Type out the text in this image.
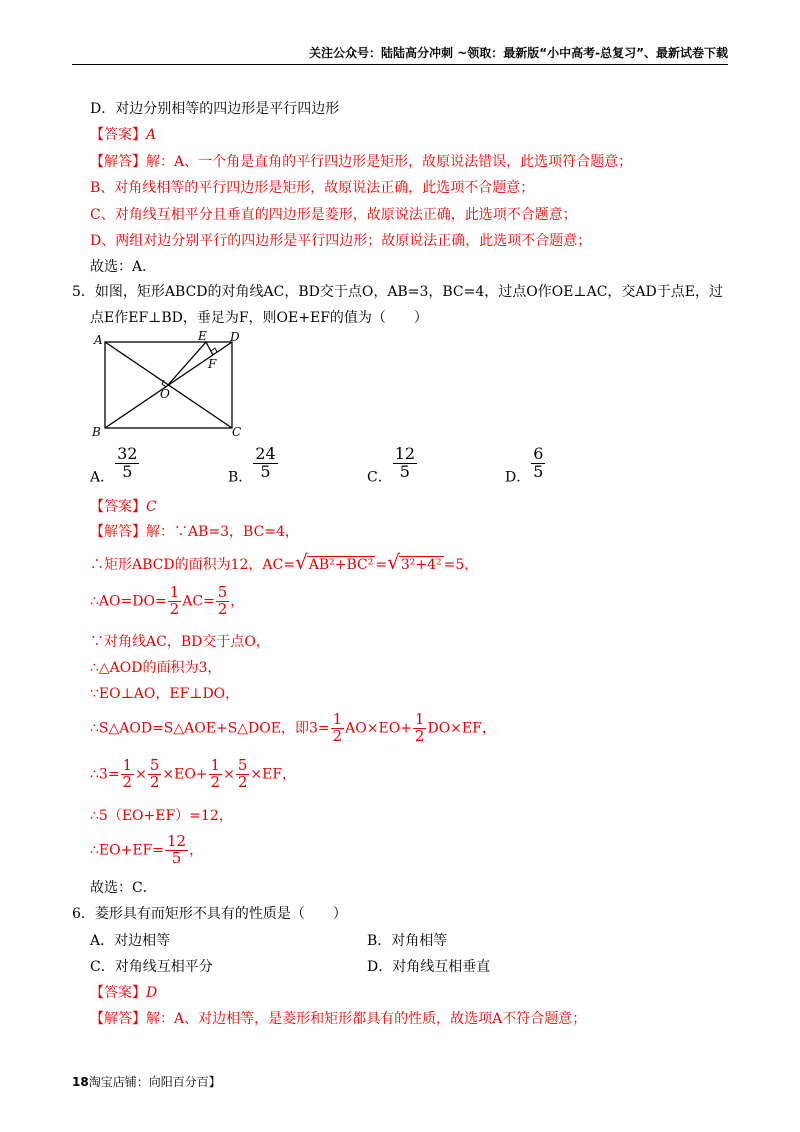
关注公众号：陆陆高分冲刺 ~领取：最新版“小中高考-总复习”、最新试卷下载
D．对边分别相等的四边形是平行四边形
【答案】A
【解答】解：A、一个角是直角的平行四边形是矩形，故原说法错误，此选项符合题意；
B、对角线相等的平行四边形是矩形，故原说法正确，此选项不合题意；
C、对角线互相平分且垂直的四边形是菱形，故原说法正确，此选项不合题意；
D、两组对边分别平行的四边形是平行四边形；故原说法正确，此选项不合题意；
故选：A．
5．如图，矩形ABCD的对角线AC，BD交于点O，AB=3，BC=4，过点O作OE⊥AC，交AD于点E，过
点E作EF⊥BD，垂足为F，则OE+EF的值为（　　）
A
B	C
D
E
F
O
A． $\frac{32}{5}$	B． $\frac{24}{5}$	C． $\frac{12}{5}$	D． $\frac{6}{5}$
【答案】C
【解答】解：∵AB=3，BC=4，
∴矩形ABCD的面积为12，AC=√AB²+BC² =√3²+4² =5，
∴AO=DO= $\frac{1}{2} AC= \frac{5}{2}$ ，
∵对角线AC，BD交于点O，
∴△AOD的面积为3，
∵EO⊥AO，EF⊥DO，
∴S△AOD=S△AOE+S△DOE，即$3= \frac{1}{2} AO\times EO+ \frac{1}{2} DO\times EF$，
∴3= $\frac{1}{2} \times \frac{5}{2} \times EO+ \frac{1}{2} \times \frac{5}{2} \times EF$，
∴5（EO+EF）=12，
∴EO+EF= $\frac{12}{5}$ ，
故选：C．
6．菱形具有而矩形不具有的性质是（　　）
A．对边相等	B．对角相等
C．对角线互相平分	D．对角线互相垂直
【答案】D
【解答】解：A、对边相等，是菱形和矩形都具有的性质，故选项A不符合题意；
18淘宝店铺：向阳百分百】
